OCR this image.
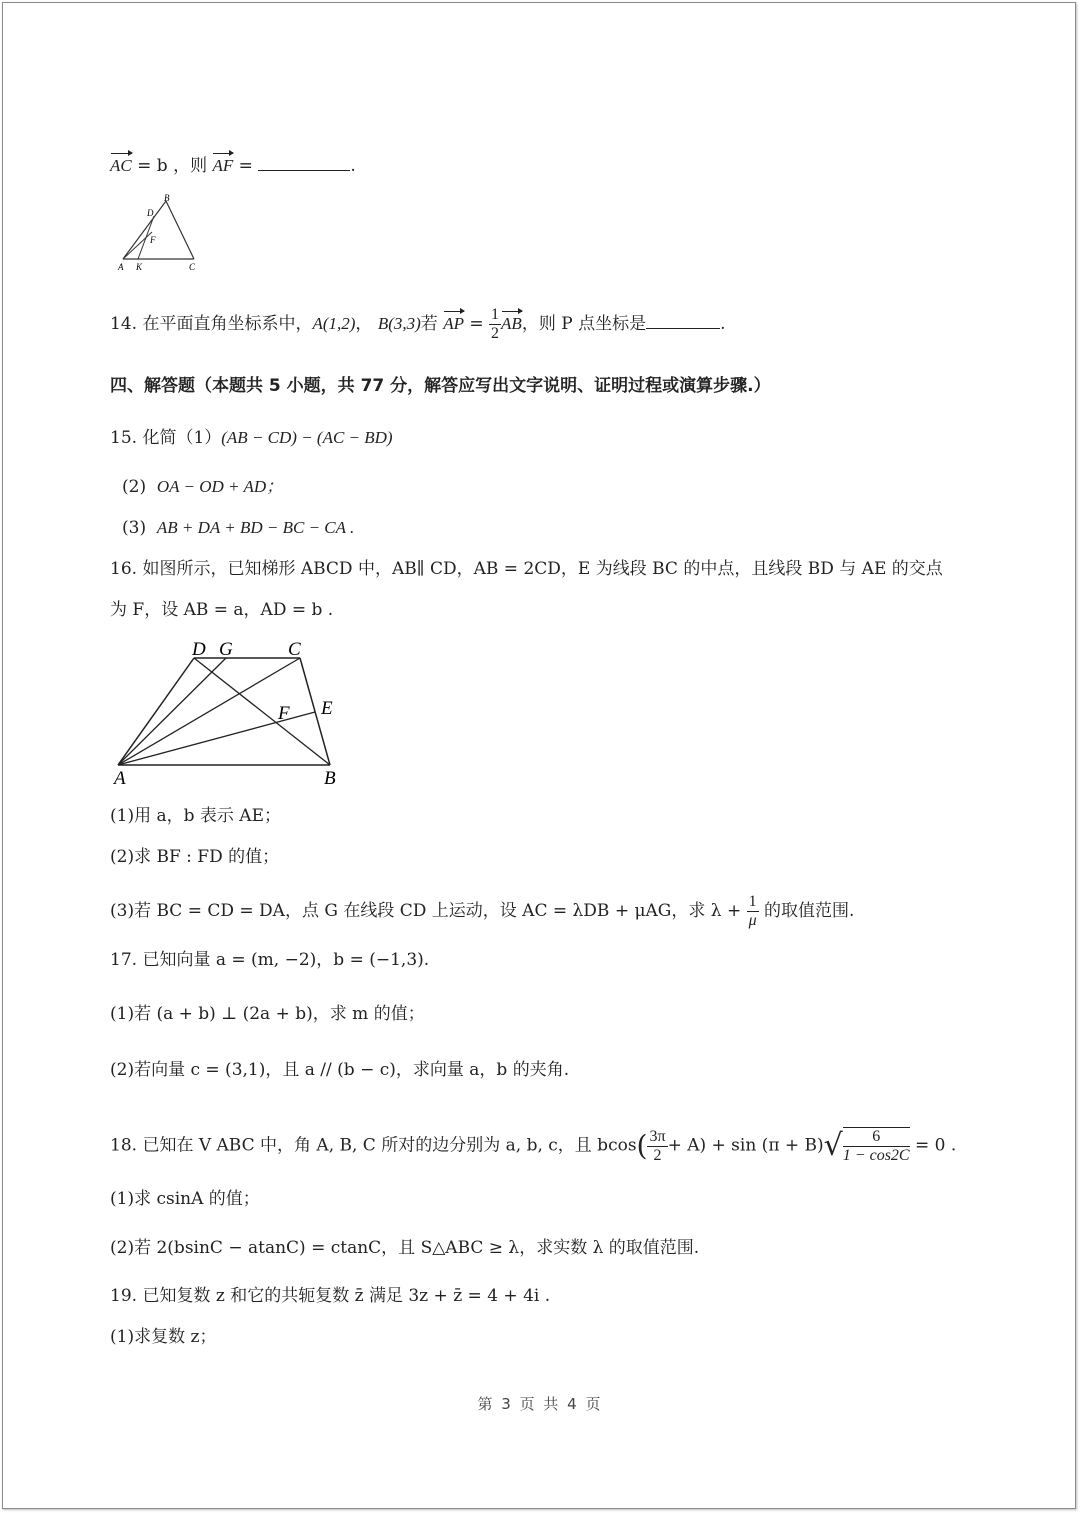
AC = b ，则 AF =	.
B
D
F
A K	C
14. 在平面直角坐标系中，A(1,2)， B(3,3)若 AP = $\frac{1}{2}$ AB，则 P 点坐标是	.
四、解答题（本题共 5 小题，共 77 分，解答应写出文字说明、证明过程或演算步骤.）
15. 化简（1）(AB − CD) − (AC − BD)
(2) OA − OD + AD；
(3) AB + DA + BD − BC − CA .
16. 如图所示，已知梯形 ABCD 中，AB∥ CD，AB = 2CD，E 为线段 BC 的中点，且线段 BD 与 AE 的交点
为 F，设 AB = a，AD = b .
D G	C
F E
A	B
(1)用 a，b 表示 AE；
(2)求 BF : FD 的值；
(3)若 BC = CD = DA，点 G 在线段 CD 上运动，设 AC = λDB + μAG，求 $\lambda + \frac{1}{\mu}$ 的取值范围.
17. 已知向量 a = (m, −2)，b = (−1,3).
(1)若 (a + b) ⊥ (2a + b)，求 m 的值；
(2)若向量 c = (3,1)，且 a // (b − c)，求向量 a，b 的夹角.
18. 已知在 V ABC 中，角 A, B, C 所对的边分别为 a, b, c，且 $bcos( \frac{3\pi}{2} + A) + \sin (\pi + B)√ \frac{6}{1 - \cos 2C} = 0$ .
(1)求 csinA 的值；
(2)若 2(bsinC − atanC) = ctanC，且 S△ABC ≥ λ，求实数 λ 的取值范围.
19. 已知复数 z 和它的共轭复数 z̄ 满足 3z + z̄ = 4 + 4i .
(1)求复数 z；
第 3 页 共 4 页
